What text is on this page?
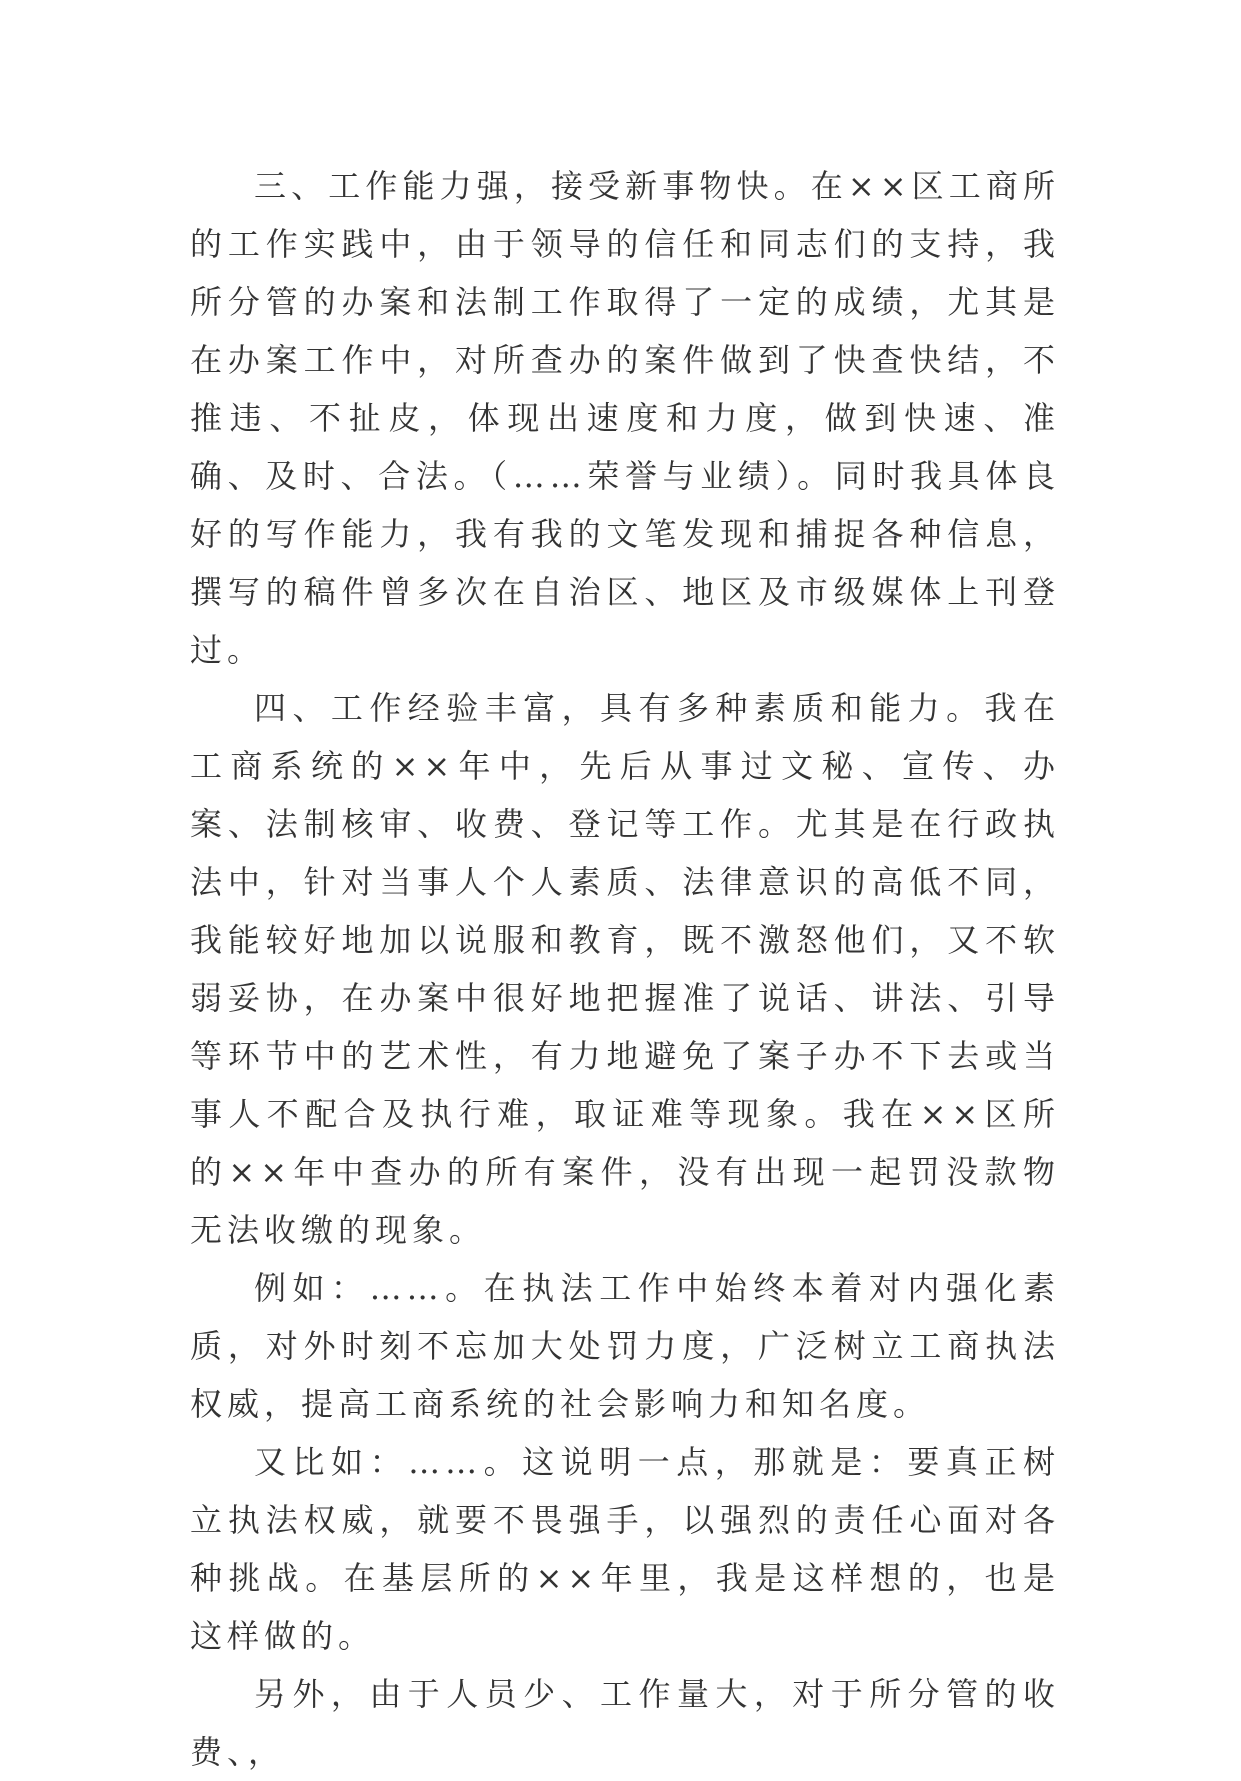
三、工作能力强，接受新事物快。在××区工商所的工作实践中，由于领导的信任和同志们的支持，我所分管的办案和法制工作取得了一定的成绩，尤其是在办案工作中，对所查办的案件做到了快查快结，不推违、不扯皮，体现出速度和力度，做到快速、准确、及时、合法。（……荣誉与业绩）。同时我具体良好的写作能力，我有我的文笔发现和捕捉各种信息，撰写的稿件曾多次在自治区、地区及市级媒体上刊登过。

四、工作经验丰富，具有多种素质和能力。我在工商系统的××年中，先后从事过文秘、宣传、办案、法制核审、收费、登记等工作。尤其是在行政执法中，针对当事人个人素质、法律意识的高低不同，我能较好地加以说服和教育，既不激怒他们，又不软弱妥协，在办案中很好地把握准了说话、讲法、引导等环节中的艺术性，有力地避免了案子办不下去或当事人不配合及执行难，取证难等现象。我在××区所的××年中查办的所有案件，没有出现一起罚没款物无法收缴的现象。

例如：……。在执法工作中始终本着对内强化素质，对外时刻不忘加大处罚力度，广泛树立工商执法权威，提高工商系统的社会影响力和知名度。

又比如：……。这说明一点，那就是：要真正树立执法权威，就要不畏强手，以强烈的责任心面对各种挑战。在基层所的××年里，我是这样想的，也是这样做的。

另外，由于人员少、工作量大，对于所分管的收费、，
